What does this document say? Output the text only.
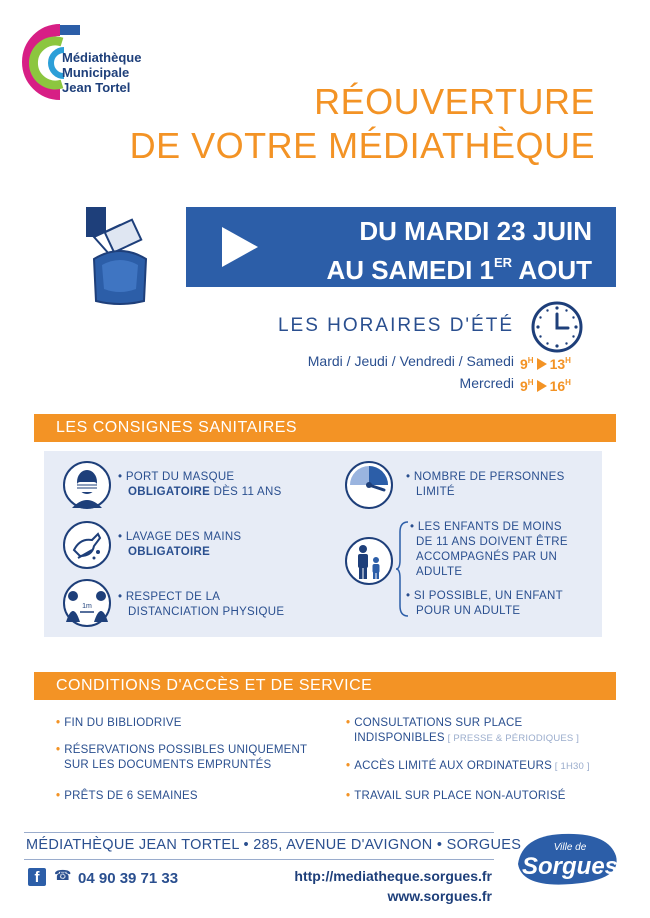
Médiathèque
Municipale
Jean Tortel	RÉOUVERTURE
DE VOTRE MÉDIATHÈQUE
DU MARDI 23 JUIN
AU SAMEDI 1ER AOUT
LES HORAIRES D'ÉTÉ
Mardi / Jeudi / Vendredi / Samedi $9^H$ $13^H$
Mercredi $9^H$ $16^H$
LES CONSIGNES SANITAIRES
• PORT DU MASQUE
OBLIGATOIRE DÈS 11 ANS
• LAVAGE DES MAINS
OBLIGATOIRE
1m
• RESPECT DE LA
DISTANCIATION PHYSIQUE
• NOMBRE DE PERSONNES
LIMITÉ
• LES ENFANTS DE MOINS
DE 11 ANS DOIVENT ÊTRE
ACCOMPAGNÉS PAR UN
ADULTE
• SI POSSIBLE, UN ENFANT
POUR UN ADULTE
CONDITIONS D'ACCÈS ET DE SERVICE
• FIN DU BIBLIODRIVE
• RÉSERVATIONS POSSIBLES UNIQUEMENT
SUR LES DOCUMENTS EMPRUNTÉS
• PRÊTS DE 6 SEMAINES
• CONSULTATIONS SUR PLACE
INDISPONIBLES [ PRESSE & PÉRIODIQUES ]
• ACCÈS LIMITÉ AUX ORDINATEURS [ 1H30 ]
• TRAVAIL SUR PLACE NON-AUTORISÉ
MÉDIATHÈQUE JEAN TORTEL • 285, AVENUE D'AVIGNON • SORGUES
f	☎ 04 90 39 71 33	http://mediatheque.sorgues.fr
www.sorgues.fr
Ville de
Sorgues
